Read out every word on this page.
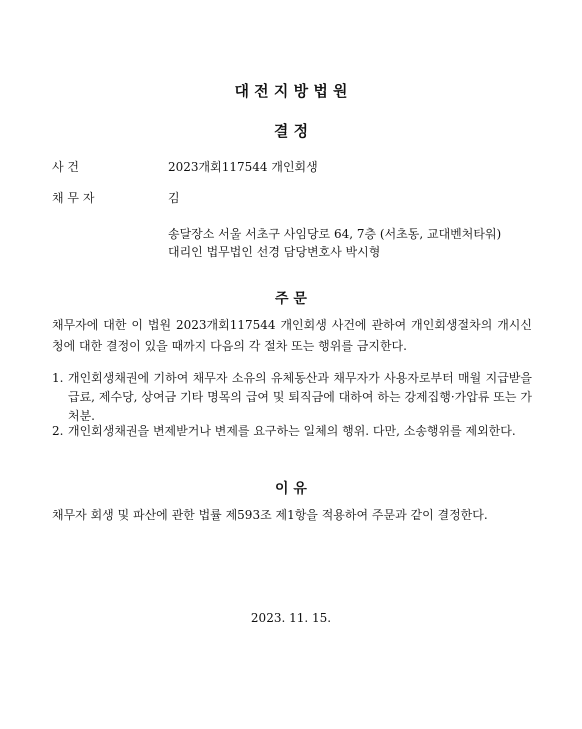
대 전 지 방 법 원
결 정
사 건	2023개회117544 개인회생
채 무 자	김
송달장소 서울 서초구 사임당로 64, 7층 (서초동, 교대벤처타워)
대리인 법무법인 선경 담당변호사 박시형
주 문
채무자에 대한 이 법원 2023개회117544 개인회생 사건에 관하여 개인회생절차의 개시신청에 대한 결정이 있을 때까지 다음의 각 절차 또는 행위를 금지한다.
1. 개인회생채권에 기하여 채무자 소유의 유체동산과 채무자가 사용자로부터 매월 지급받을 급료, 제수당, 상여금 기타 명목의 급여 및 퇴직금에 대하여 하는 강제집행·가압류 또는 가처분.
2. 개인회생채권을 변제받거나 변제를 요구하는 일체의 행위. 다만, 소송행위를 제외한다.
이 유
채무자 회생 및 파산에 관한 법률 제593조 제1항을 적용하여 주문과 같이 결정한다.
2023. 11. 15.
